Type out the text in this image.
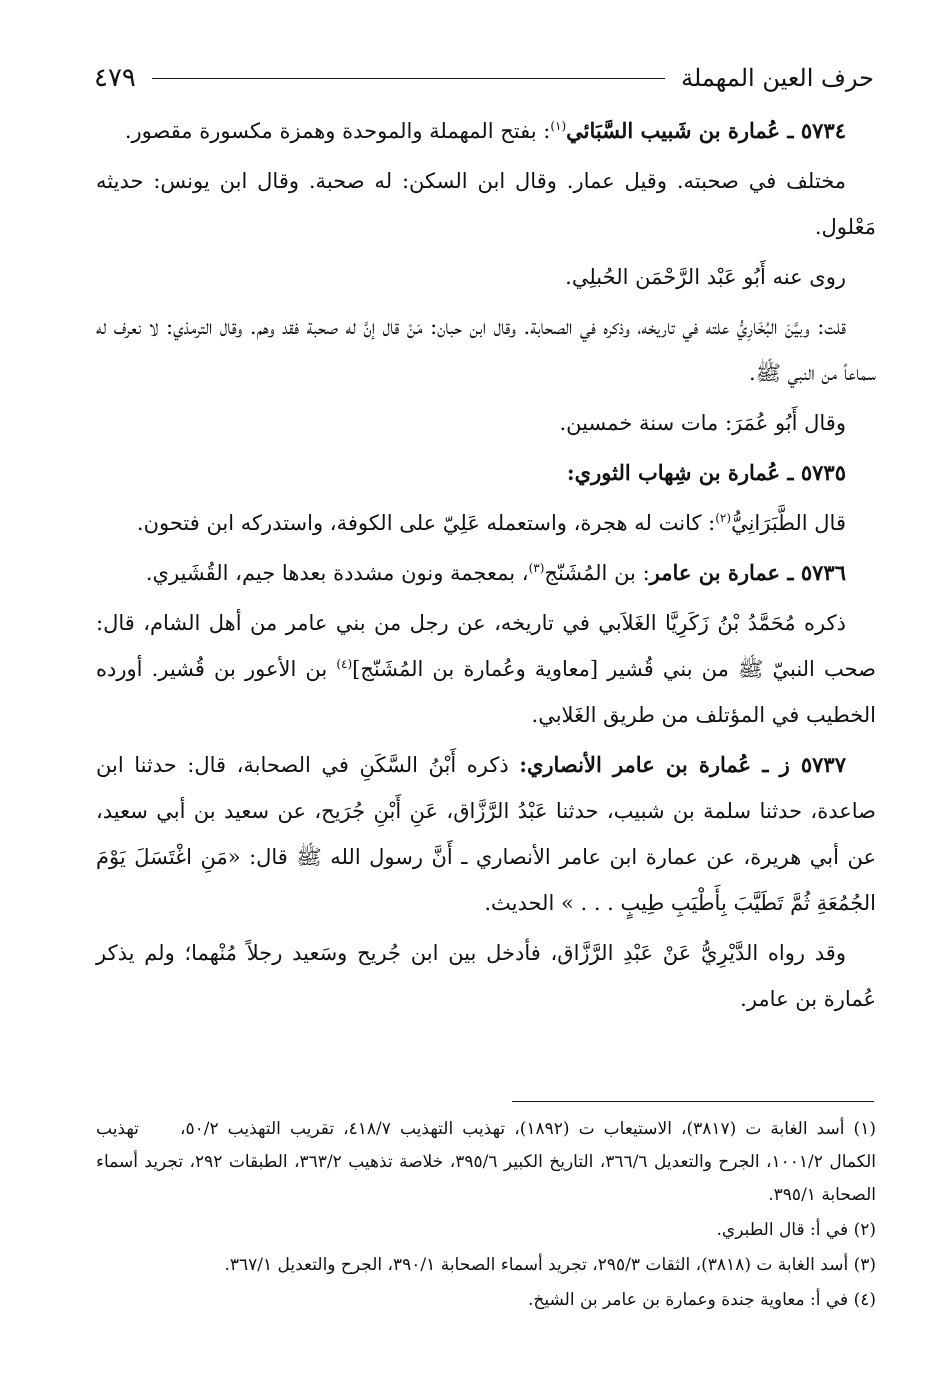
حرف العين المهملة
٤٧٩

٥٧٣٤ ـ عُمارة بن شَبيب السَّبَائي$^{(١)}$: بفتح المهملة والموحدة وهمزة مكسورة مقصور.

مختلف في صحبته. وقيل عمار. وقال ابن السكن: له صحبة. وقال ابن يونس: حديثه مَعْلول.

روى عنه أَبُو عَبْد الرَّحْمَن الحُبلِي.

قلت: وبيَّنَ البُخَارِيُّ علته في تاريخه، وذكره في الصحابة. وقال ابن حبان: مَنْ قال إنَّ له صحبة فقد وهم. وقال الترمذي: لا نعرف له سماعاً من النبي ﷺ.

وقال أَبُو عُمَرَ: مات سنة خمسين.

٥٧٣٥ ـ عُمارة بن شِهاب الثوري:

قال الطَّبَرَانِيُّ$^{(٢)}$: كانت له هجرة، واستعمله عَلِيّ على الكوفة، واستدركه ابن فتحون.

٥٧٣٦ ـ عمارة بن عامر: بن المُشَنّج$^{(٣)}$، بمعجمة ونون مشددة بعدها جيم، القُشَيري.

ذكره مُحَمَّدُ بْنُ زَكَرِيَّا الغَلاَبي في تاريخه، عن رجل من بني عامر من أهل الشام، قال: صحب النبيّ ﷺ من بني قُشير [معاوية وعُمارة بن المُشَنّج]$^{(٤)}$ بن الأعور بن قُشير. أورده الخطيب في المؤتلف من طريق الغَلابي.

٥٧٣٧ ز ـ عُمارة بن عامر الأنصاري: ذكره أَبْنُ السَّكَنِ في الصحابة، قال: حدثنا ابن صاعدة، حدثنا سلمة بن شبيب، حدثنا عَبْدُ الرَّزَّاق، عَنِ أَبْنِ جُرَيح، عن سعيد بن أبي سعيد، عن أبي هريرة، عن عمارة ابن عامر الأنصاري ـ أَنَّ رسول الله ﷺ قال: «مَنِ اغْتَسَلَ يَوْمَ الجُمُعَةِ ثُمَّ تَطَيَّبَ بِأَطْيَبِ طِيبٍ . . . » الحديث.

وقد رواه الدَّيْرِيُّ عَنْ عَبْدِ الرَّزَّاق، فأدخل بين ابن جُريح وسَعيد رجلاً مُنْهما؛ ولم يذكر عُمارة بن عامر.

(١) أسد الغابة ت (٣٨١٧)، الاستيعاب ت (١٨٩٢)، تهذيب التهذيب ٤١٨/٧، تقريب التهذيب ٥٠/٢، تهذيب الكمال ١٠٠١/٢، الجرح والتعديل ٣٦٦/٦، التاريخ الكبير ٣٩٥/٦، خلاصة تذهيب ٣٦٣/٢، الطبقات ٢٩٢، تجريد أسماء الصحابة ٣٩٥/١.

(٢) في أ: قال الطبري.

(٣) أسد الغابة ت (٣٨١٨)، الثقات ٢٩٥/٣، تجريد أسماء الصحابة ٣٩٠/١، الجرح والتعديل ٣٦٧/١.

(٤) في أ: معاوية جندة وعمارة بن عامر بن الشيخ.
